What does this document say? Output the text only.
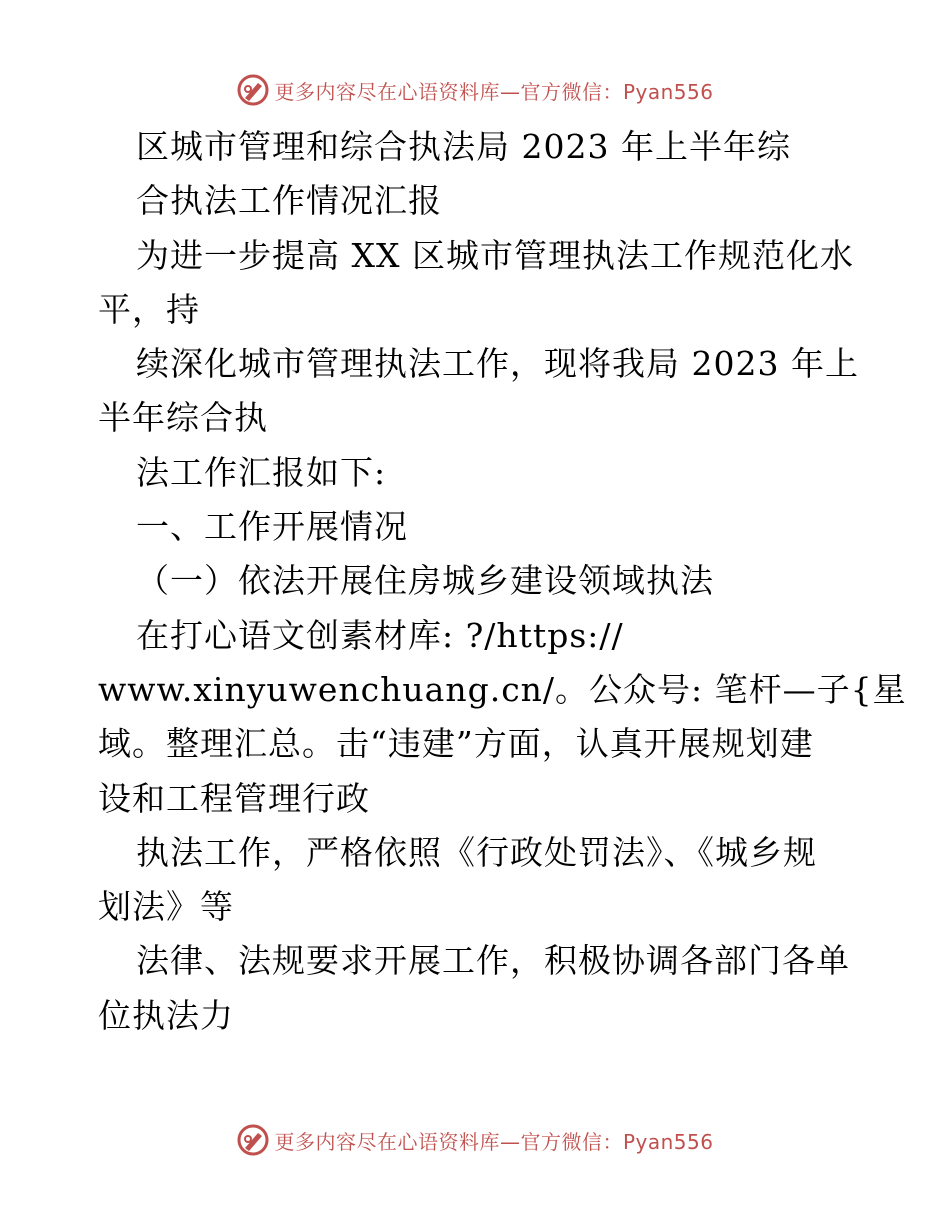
更多内容尽在心语资料库—官方微信：Pyan556
区城市管理和综合执法局 2023 年上半年综
合执法工作情况汇报
为进一步提高 XX 区城市管理执法工作规范化水
平，持
续深化城市管理执法工作，现将我局 2023 年上
半年综合执
法工作汇报如下:
一、工作开展情况
（一）依法开展住房城乡建设领域执法
在打心语文创素材库: ?/https://
www.xinyuwenchuang.cn/。公众号: 笔杆—子{星
域。整理汇总。击“违建”方面，认真开展规划建
设和工程管理行政
执法工作，严格依照《行政处罚法》、《城乡规
划法》等
法律、法规要求开展工作，积极协调各部门各单
位执法力
更多内容尽在心语资料库—官方微信：Pyan556
